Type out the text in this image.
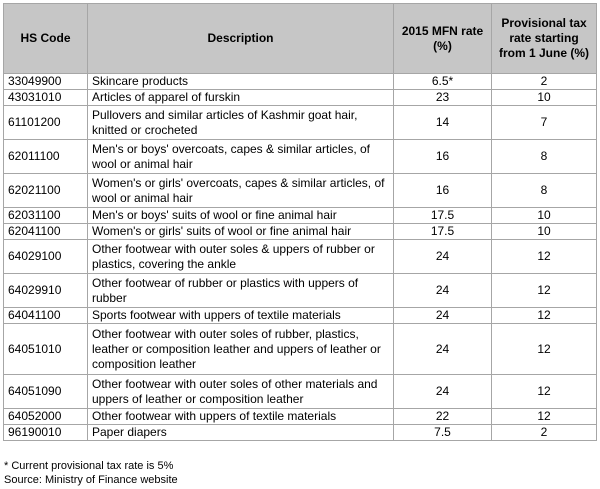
HS Code	Description	2015 MFN rate (%)	Provisional tax rate starting from 1 June (%)
33049900	Skincare products	6.5*	2
43031010	Articles of apparel of furskin	23	10
61101200	Pullovers and similar articles of Kashmir goat hair, knitted or crocheted	14	7
62011100	Men's or boys' overcoats, capes & similar articles, of wool or animal hair	16	8
62021100	Women's or girls' overcoats, capes & similar articles, of wool or animal hair	16	8
62031100	Men's or boys' suits of wool or fine animal hair	17.5	10
62041100	Women's or girls' suits of wool or fine animal hair	17.5	10
64029100	Other footwear with outer soles & uppers of rubber or plastics, covering the ankle	24	12
64029910	Other footwear of rubber or plastics with uppers of rubber	24	12
64041100	Sports footwear with uppers of textile materials	24	12
64051010	Other footwear with outer soles of rubber, plastics, leather or composition leather and uppers of leather or composition leather	24	12
64051090	Other footwear with outer soles of other materials and uppers of leather or composition leather	24	12
64052000	Other footwear with uppers of textile materials	22	12
96190010	Paper diapers	7.5	2
* Current provisional tax rate is 5%
Source: Ministry of Finance website
